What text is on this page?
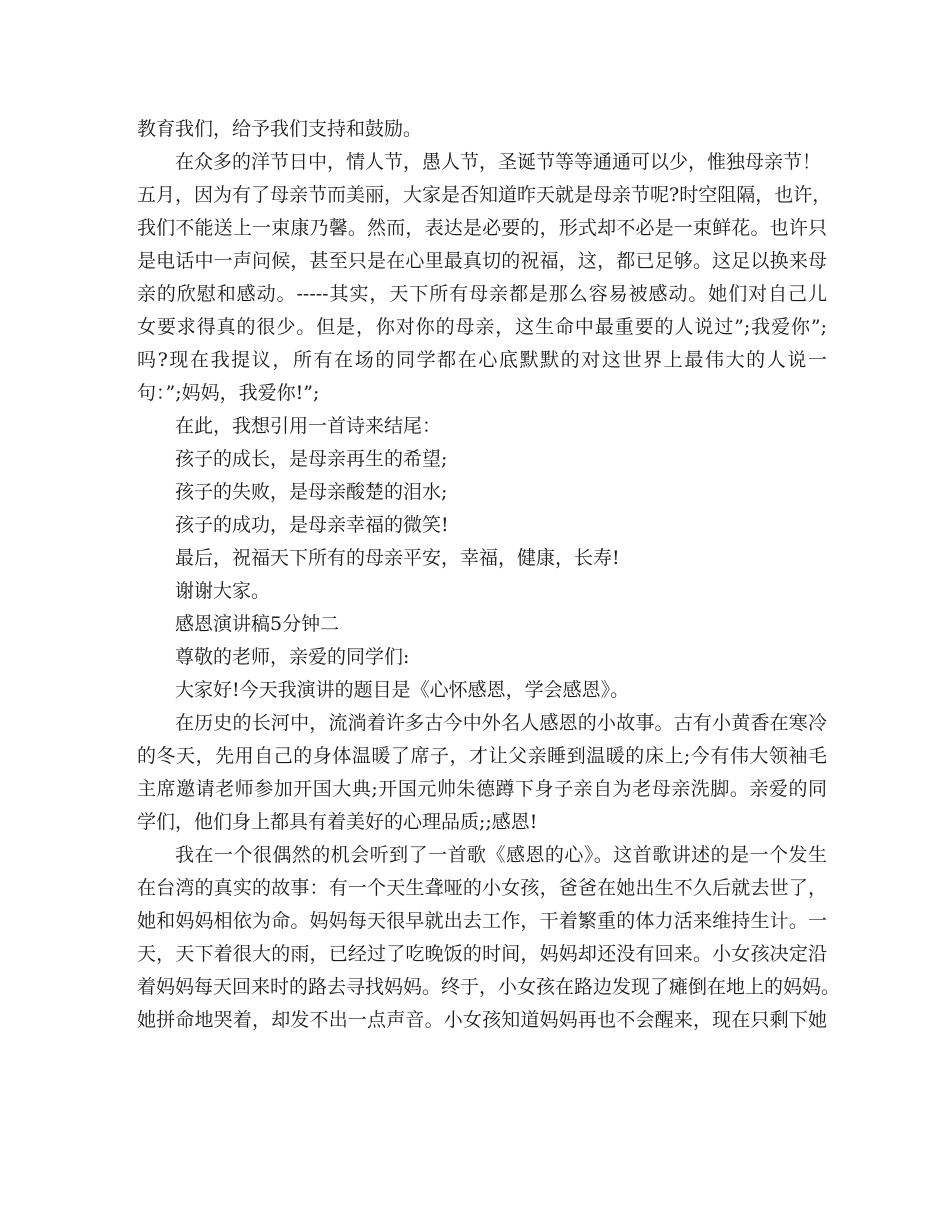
教育我们，给予我们支持和鼓励。
在众多的洋节日中，情人节，愚人节，圣诞节等等通通可以少，惟独母亲节！
五月，因为有了母亲节而美丽，大家是否知道昨天就是母亲节呢?时空阻隔，也许，
我们不能送上一束康乃馨。然而，表达是必要的，形式却不必是一束鲜花。也许只
是电话中一声问候，甚至只是在心里最真切的祝福，这，都已足够。这足以换来母
亲的欣慰和感动。-----其实，天下所有母亲都是那么容易被感动。她们对自己儿
女要求得真的很少。但是，你对你的母亲，这生命中最重要的人说过”;我爱你”;
吗?现在我提议，所有在场的同学都在心底默默的对这世界上最伟大的人说一
句：”;妈妈，我爱你!”;
在此，我想引用一首诗来结尾：
孩子的成长，是母亲再生的希望;
孩子的失败，是母亲酸楚的泪水;
孩子的成功，是母亲幸福的微笑!
最后，祝福天下所有的母亲平安，幸福，健康，长寿!
谢谢大家。
感恩演讲稿5分钟二
尊敬的老师，亲爱的同学们:
大家好!今天我演讲的题目是《心怀感恩，学会感恩》。
在历史的长河中，流淌着许多古今中外名人感恩的小故事。古有小黄香在寒冷
的冬天，先用自己的身体温暖了席子，才让父亲睡到温暖的床上;今有伟大领袖毛
主席邀请老师参加开国大典;开国元帅朱德蹲下身子亲自为老母亲洗脚。亲爱的同
学们，他们身上都具有着美好的心理品质;;感恩!
我在一个很偶然的机会听到了一首歌《感恩的心》。这首歌讲述的是一个发生
在台湾的真实的故事：有一个天生聋哑的小女孩，爸爸在她出生不久后就去世了，
她和妈妈相依为命。妈妈每天很早就出去工作，干着繁重的体力活来维持生计。一
天，天下着很大的雨，已经过了吃晚饭的时间，妈妈却还没有回来。小女孩决定沿
着妈妈每天回来时的路去寻找妈妈。终于，小女孩在路边发现了瘫倒在地上的妈妈。
她拼命地哭着，却发不出一点声音。小女孩知道妈妈再也不会醒来，现在只剩下她
